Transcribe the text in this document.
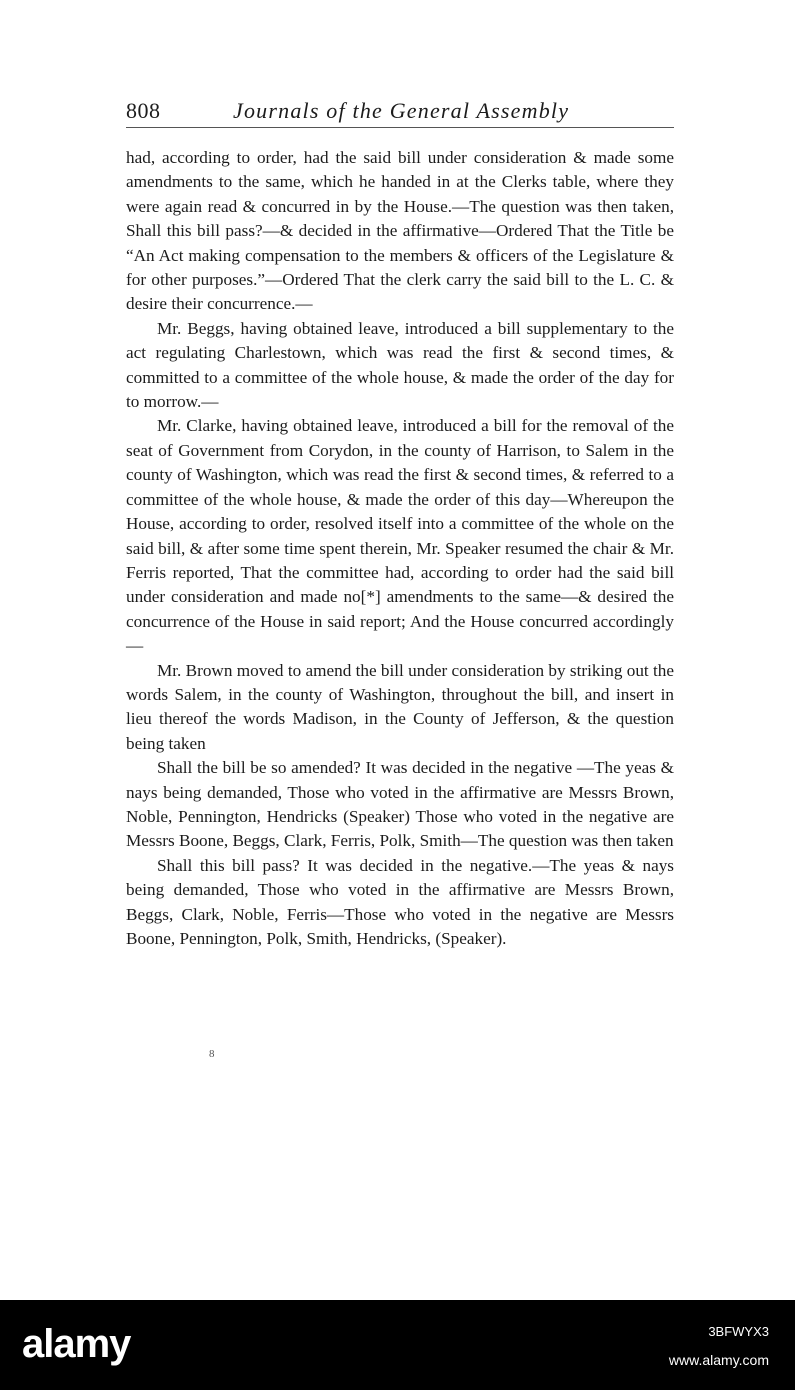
808	Journals of the General Assembly

had, according to order, had the said bill under consideration & made some amendments to the same, which he handed in at the Clerks table, where they were again read & concurred in by the House.—The question was then taken, Shall this bill pass?—& decided in the affirmative—Ordered That the Title be “An Act making compensation to the members & officers of the Legislature & for other purposes.”—Ordered That the clerk carry the said bill to the L. C. & desire their concurrence.—

Mr. Beggs, having obtained leave, introduced a bill supplementary to the act regulating Charlestown, which was read the first & second times, & committed to a committee of the whole house, & made the order of the day for to morrow.—

Mr. Clarke, having obtained leave, introduced a bill for the removal of the seat of Government from Corydon, in the county of Harrison, to Salem in the county of Washington, which was read the first & second times, & referred to a committee of the whole house, & made the order of this day—Whereupon the House, according to order, resolved itself into a committee of the whole on the said bill, & after some time spent therein, Mr. Speaker resumed the chair & Mr. Ferris reported, That the committee had, according to order had the said bill under consideration and made no[*] amendments to the same—& desired the concurrence of the House in said report; And the House concurred accordingly—

Mr. Brown moved to amend the bill under consideration by striking out the words Salem, in the county of Washington, throughout the bill, and insert in lieu thereof the words Madison, in the County of Jefferson, & the question being taken

Shall the bill be so amended? It was decided in the negative —The yeas & nays being demanded, Those who voted in the affirmative are Messrs Brown, Noble, Pennington, Hendricks (Speaker) Those who voted in the negative are Messrs Boone, Beggs, Clark, Ferris, Polk, Smith—The question was then taken

Shall this bill pass? It was decided in the negative.—The yeas & nays being demanded, Those who voted in the affirmative are Messrs Brown, Beggs, Clark, Noble, Ferris—Those who voted in the negative are Messrs Boone, Pennington, Polk, Smith, Hendricks, (Speaker).

8
alamy	3BFWYX3
www.alamy.com
